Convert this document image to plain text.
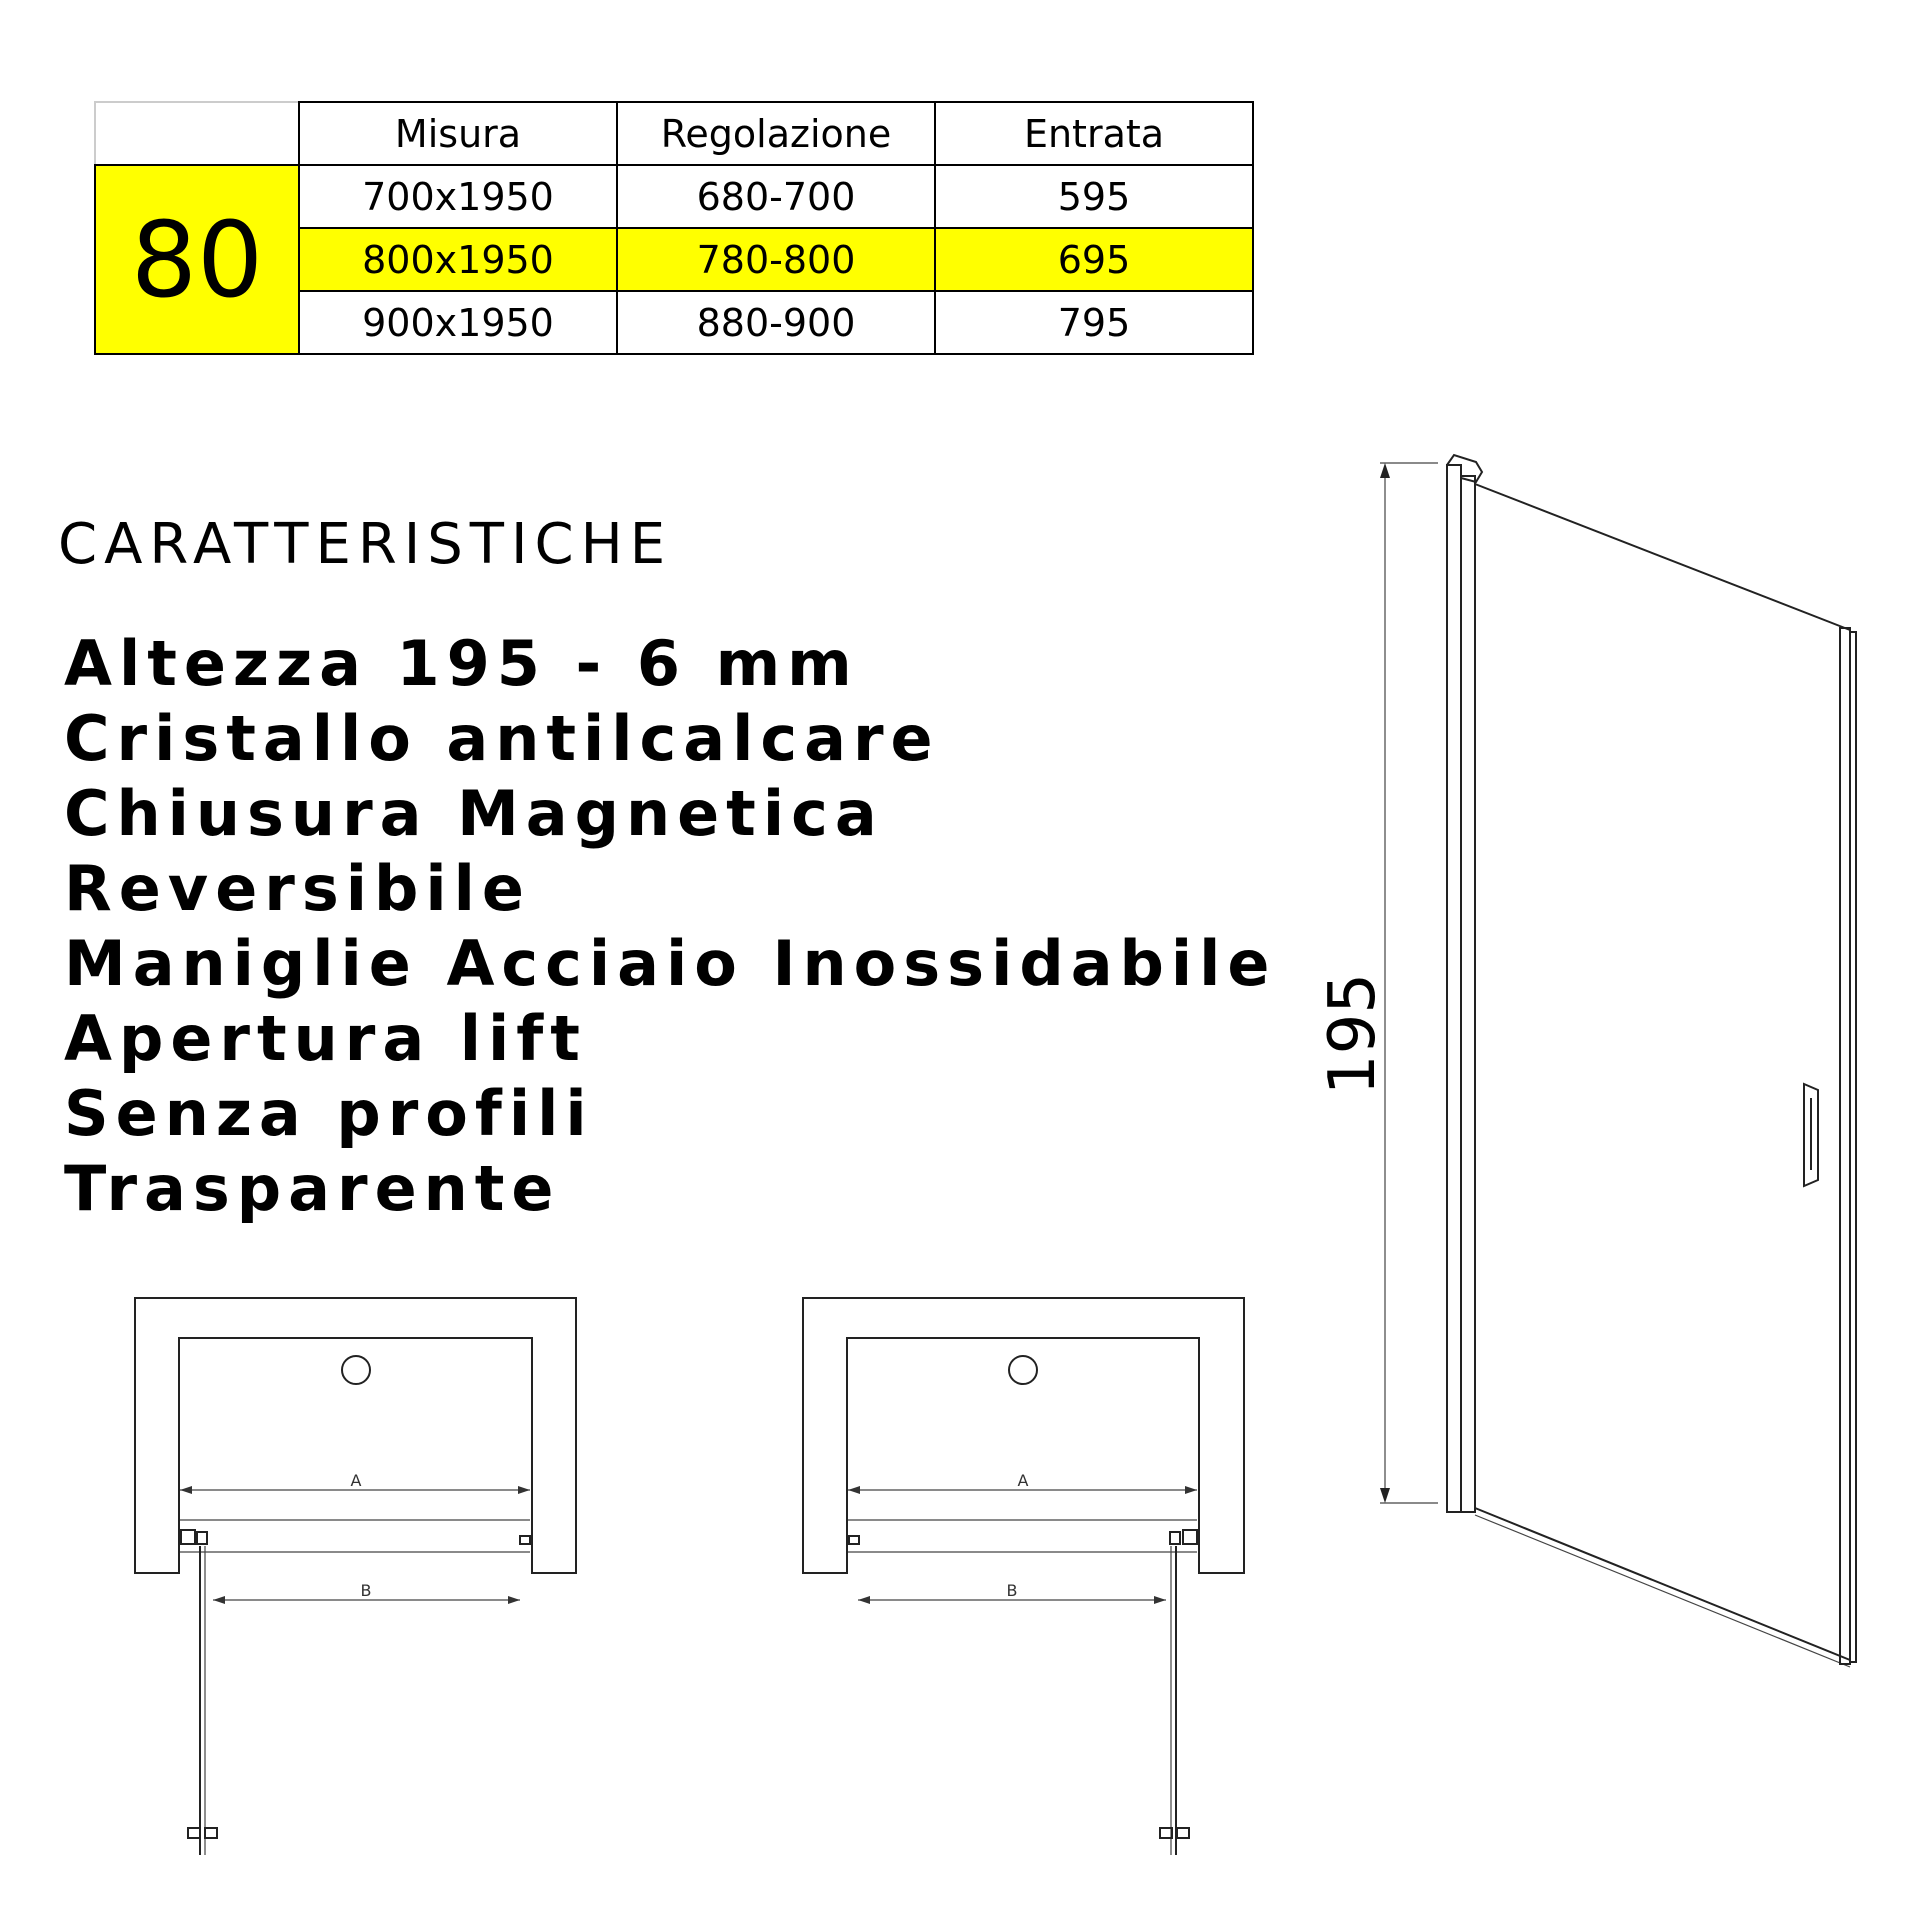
	Misura	Regolazione	Entrata
80	700x1950	680-700	595
	800x1950	780-800	695
	900x1950	880-900	795
CARATTERISTICHE
Altezza 195 - 6 mm
Cristallo antilcalcare
Chiusura Magnetica
Reversibile
Maniglie Acciaio Inossidabile
Apertura lift
Senza profili
Trasparente
195
A
B
A
B
